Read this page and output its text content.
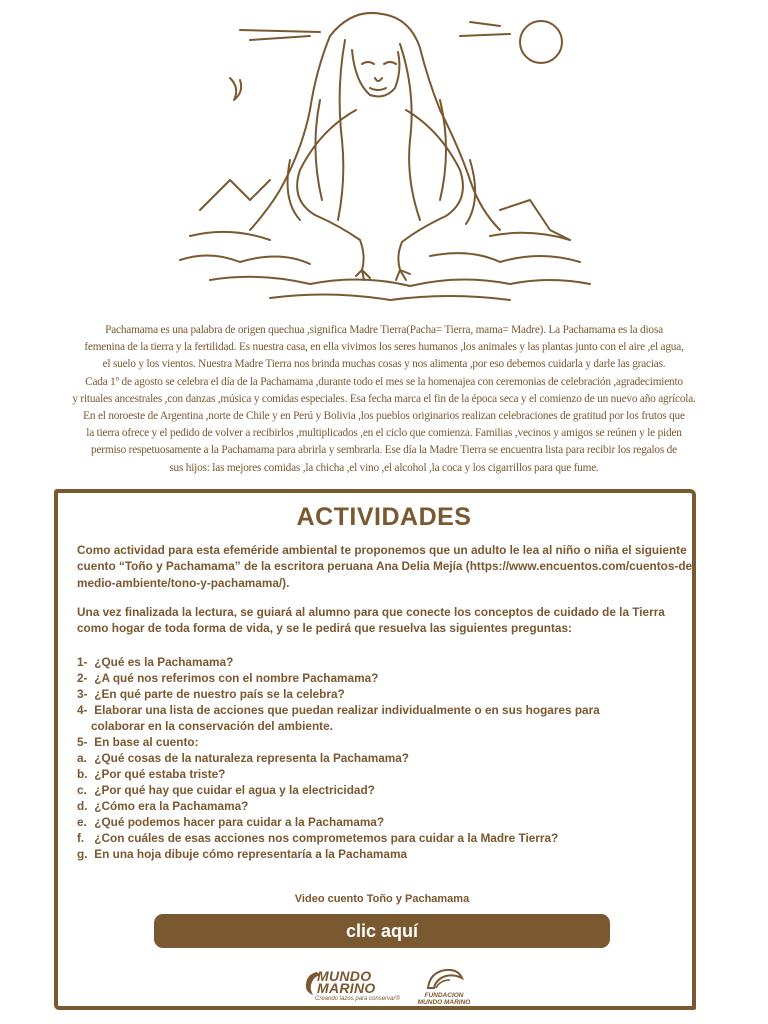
Pachamama es una palabra de origen quechua ,significa Madre Tierra(Pacha= Tierra, mama= Madre). La Pachamama es la diosa
femenina de la tierra y la fertilidad. Es nuestra casa, en ella vivimos los seres humanos ,los animales y las plantas junto con el aire ,el agua,
el suelo y los vientos. Nuestra Madre Tierra nos brinda muchas cosas y nos alimenta ,por eso debemos cuidarla y darle las gracias.
Cada 1º de agosto se celebra el día de la Pachamama ,durante todo el mes se la homenajea con ceremonias de celebración ,agradecimiento
y rituales ancestrales ,con danzas ,música y comidas especiales. Esa fecha marca el fin de la época seca y el comienzo de un nuevo año agrícola.
En el noroeste de Argentina ,norte de Chile y en Perú y Bolivia ,los pueblos originarios realizan celebraciones de gratitud por los frutos que
la tierra ofrece y el pedido de volver a recibirlos ,multiplicados ,en el ciclo que comienza. Familias ,vecinos y amigos se reúnen y le piden
permiso respetuosamente a la Pachamama para abrirla y sembrarla. Ese día la Madre Tierra se encuentra lista para recibir los regalos de
sus hijos: las mejores comidas ,la chicha ,el vino ,el alcohol ,la coca y los cigarrillos para que fume.

ACTIVIDADES

Como actividad para esta efeméride ambiental te proponemos que un adulto le lea al niño o niña el siguiente cuento “Toño y Pachamama” de la escritora peruana Ana Delia Mejía (https://www.encuentos.com/cuentos-de-medio-ambiente/tono-y-pachamama/).

Una vez finalizada la lectura, se guiará al alumno para que conecte los conceptos de cuidado de la Tierra como hogar de toda forma de vida, y se le pedirá que resuelva las siguientes preguntas:

1- ¿Qué es la Pachamama?
2- ¿A qué nos referimos con el nombre Pachamama?
3- ¿En qué parte de nuestro país se la celebra?
4- Elaborar una lista de acciones que puedan realizar individualmente o en sus hogares para
colaborar en la conservación del ambiente.
5- En base al cuento:
a. ¿Qué cosas de la naturaleza representa la Pachamama?
b. ¿Por qué estaba triste?
c. ¿Por qué hay que cuidar el agua y la electricidad?
d. ¿Cómo era la Pachamama?
e. ¿Qué podemos hacer para cuidar a la Pachamama?
f. ¿Con cuáles de esas acciones nos comprometemos para cuidar a la Madre Tierra?
g. En una hoja dibuje cómo representaría a la Pachamama
Video cuento Toño y Pachamama
clic aquí
MUNDO
MARINO
Creando lazos para conservar®	FUNDACION
MUNDO MARINO
